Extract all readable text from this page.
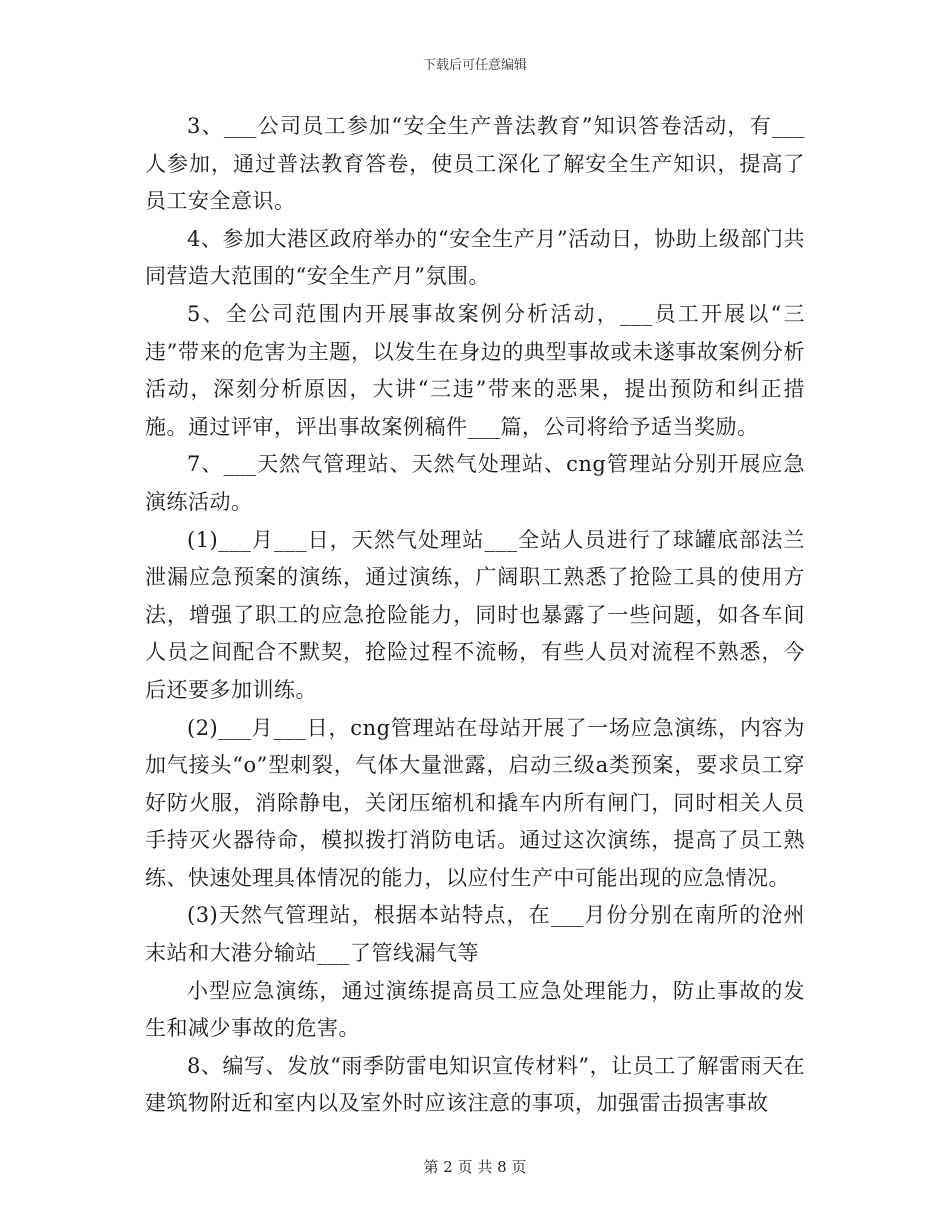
下载后可任意编辑

3、___公司员工参加“安全生产普法教育”知识答卷活动，有___人参加，通过普法教育答卷，使员工深化了解安全生产知识，提高了员工安全意识。

4、参加大港区政府举办的“安全生产月”活动日，协助上级部门共同营造大范围的“安全生产月”氛围。

5、全公司范围内开展事故案例分析活动，___员工开展以“三违”带来的危害为主题，以发生在身边的典型事故或未遂事故案例分析活动，深刻分析原因，大讲“三违”带来的恶果，提出预防和纠正措施。通过评审，评出事故案例稿件___篇，公司将给予适当奖励。

7、___天然气管理站、天然气处理站、cng管理站分别开展应急演练活动。

(1)___月___日，天然气处理站___全站人员进行了球罐底部法兰泄漏应急预案的演练，通过演练，广阔职工熟悉了抢险工具的使用方法，增强了职工的应急抢险能力，同时也暴露了一些问题，如各车间人员之间配合不默契，抢险过程不流畅，有些人员对流程不熟悉，今后还要多加训练。

(2)___月___日，cng管理站在母站开展了一场应急演练，内容为加气接头“o”型刺裂，气体大量泄露，启动三级a类预案，要求员工穿好防火服，消除静电，关闭压缩机和撬车内所有闸门，同时相关人员手持灭火器待命，模拟拨打消防电话。通过这次演练，提高了员工熟练、快速处理具体情况的能力，以应付生产中可能出现的应急情况。

(3)天然气管理站，根据本站特点，在___月份分别在南所的沧州末站和大港分输站___了管线漏气等

小型应急演练，通过演练提高员工应急处理能力，防止事故的发生和减少事故的危害。

8、编写、发放“雨季防雷电知识宣传材料”，让员工了解雷雨天在建筑物附近和室内以及室外时应该注意的事项，加强雷击损害事故

第 2 页 共 8 页
